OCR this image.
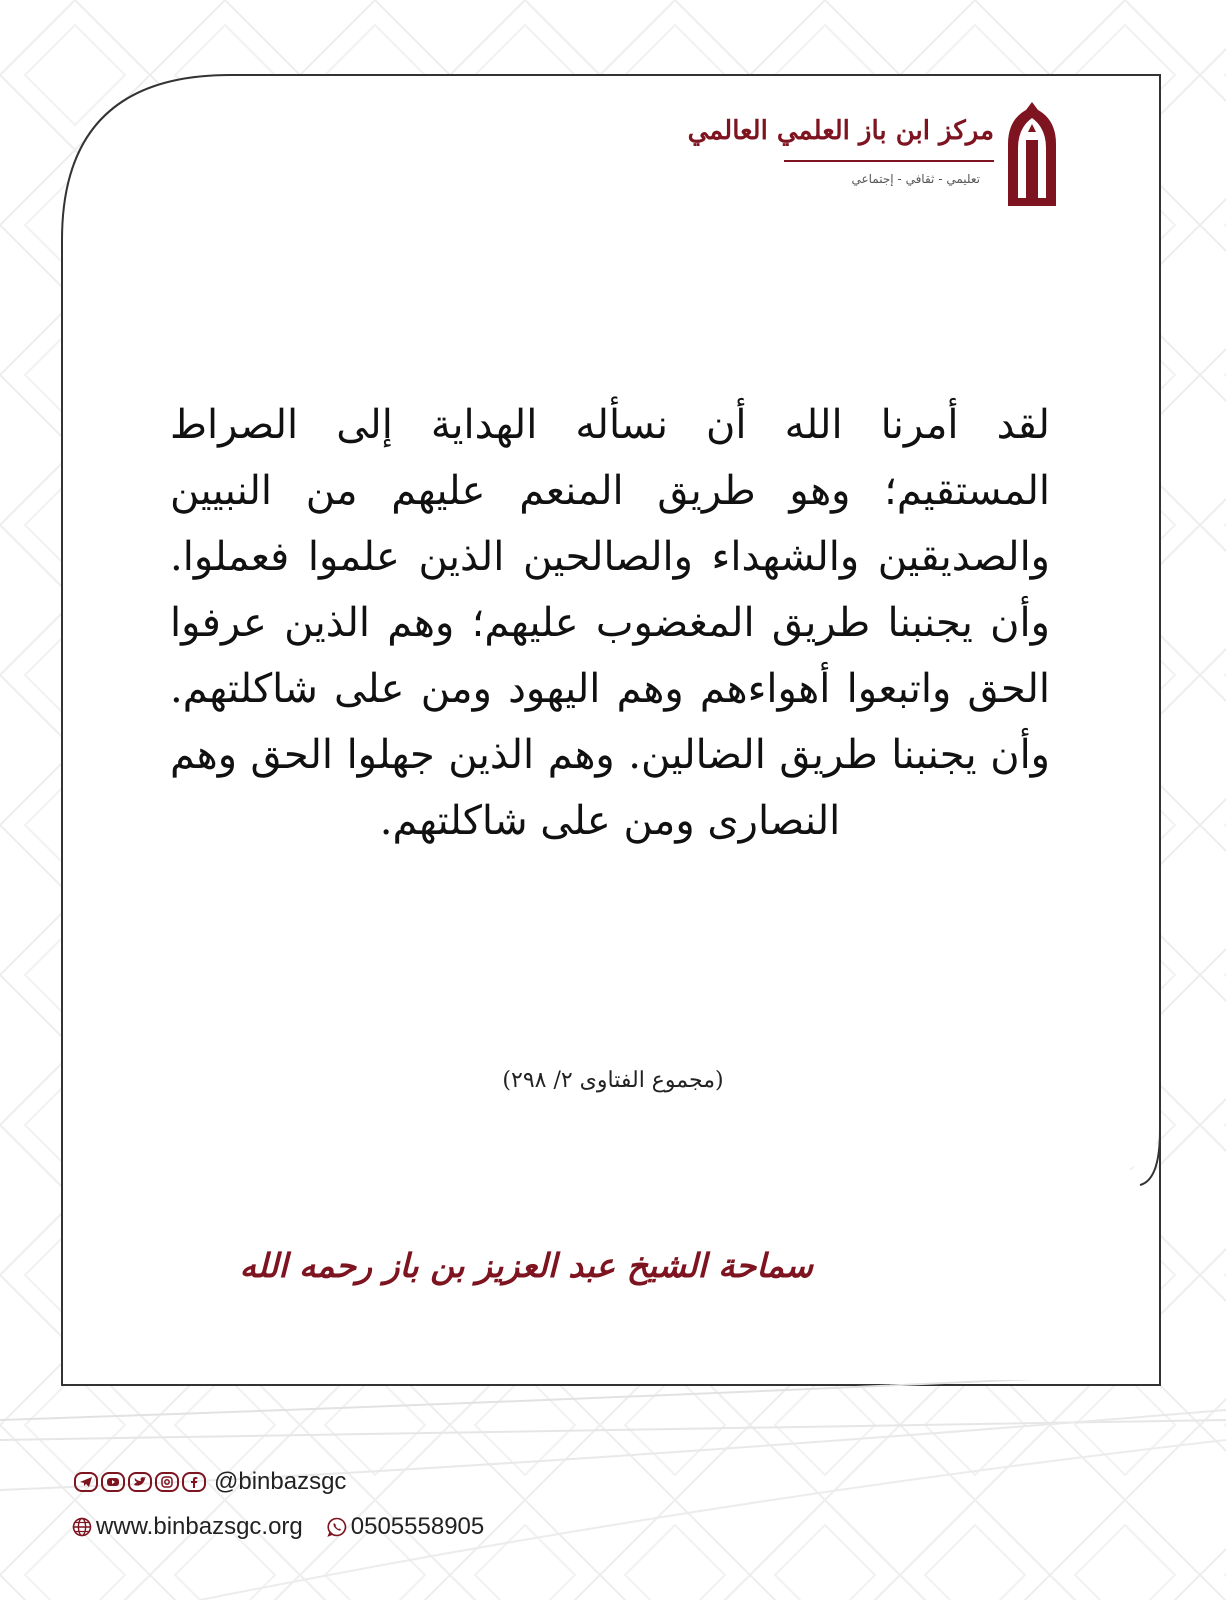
مركز ابن باز العلمي العالمي
تعليمي - ثقافي - إجتماعي
لقد أمرنا الله أن نسأله الهداية إلى الصراط المستقيم؛ وهو طريق المنعم عليهم من النبيين والصديقين والشهداء والصالحين الذين علموا فعملوا. وأن يجنبنا طريق المغضوب عليهم؛ وهم الذين عرفوا الحق واتبعوا أهواءهم وهم اليهود ومن على شاكلتهم. وأن يجنبنا طريق الضالين. وهم الذين جهلوا الحق وهم النصارى ومن على شاكلتهم.
(مجموع الفتاوى ٢/ ٢٩٨)
سماحة الشيخ عبد العزيز بن باز رحمه الله
@binbazsgc
www.binbazsgc.org 0505558905
